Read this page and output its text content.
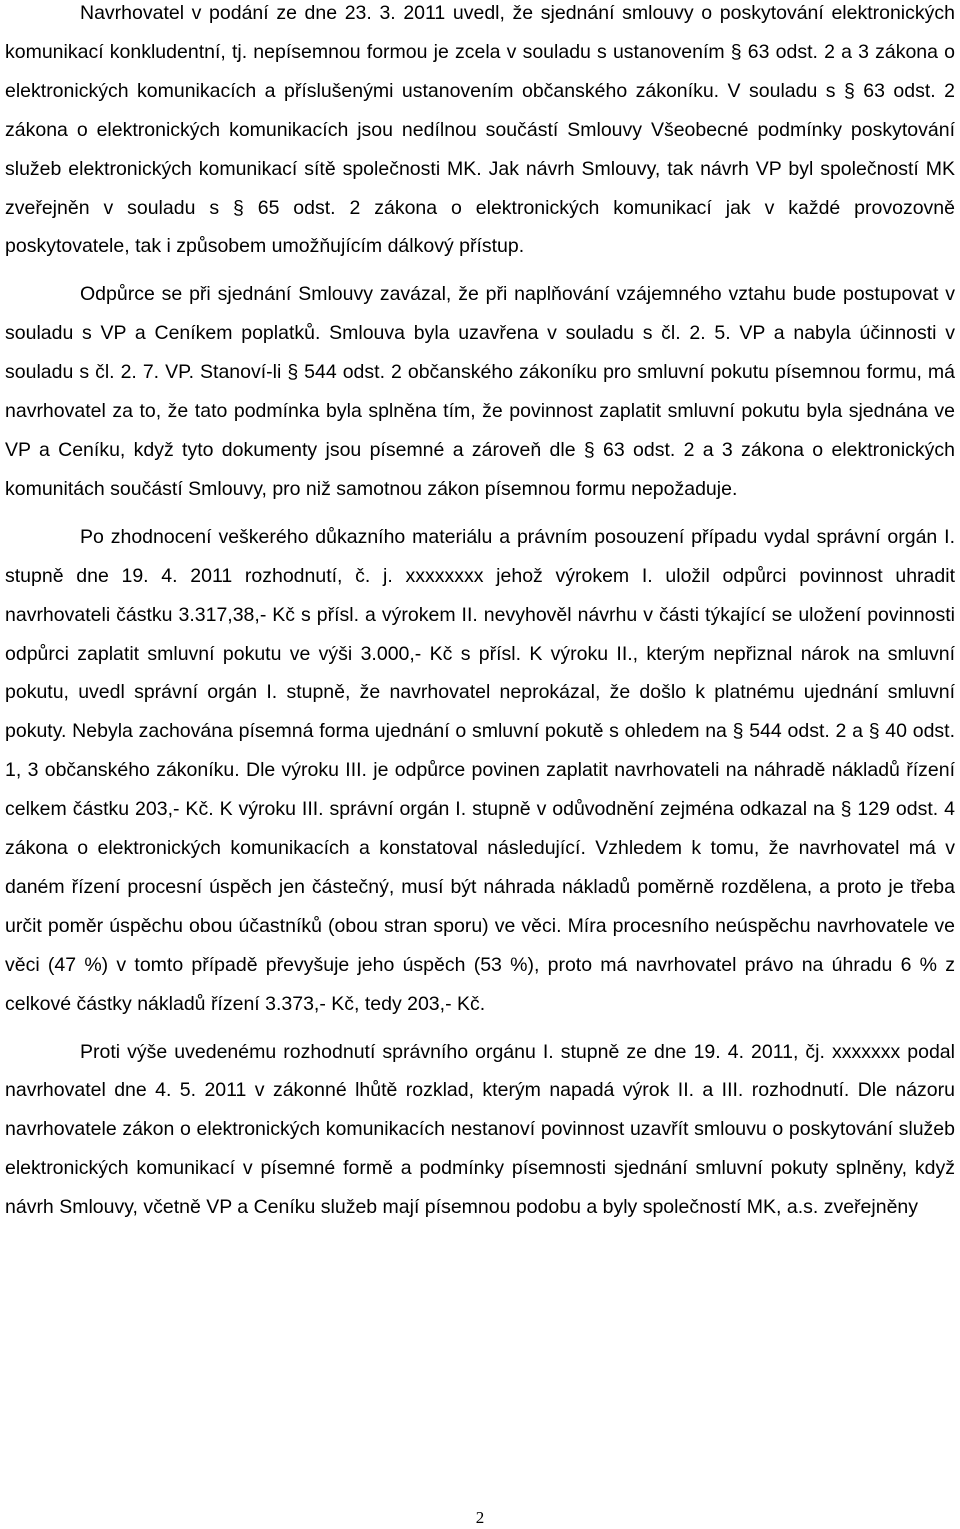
Navrhovatel v podání ze dne 23. 3. 2011 uvedl, že sjednání smlouvy o poskytování elektronických komunikací konkludentní, tj. nepísemnou formou je zcela v souladu s ustanovením § 63 odst. 2 a 3 zákona o elektronických komunikacích a příslušenými ustanovením občanského zákoníku. V souladu s § 63 odst. 2 zákona o elektronických komunikacích jsou nedílnou součástí Smlouvy Všeobecné podmínky poskytování služeb elektronických komunikací sítě společnosti MK. Jak návrh Smlouvy, tak návrh VP byl společností MK zveřejněn v souladu s § 65 odst. 2 zákona o elektronických komunikací jak v každé provozovně poskytovatele, tak i způsobem umožňujícím dálkový přístup.

Odpůrce se při sjednání Smlouvy zavázal, že při naplňování vzájemného vztahu bude postupovat v souladu s VP a Ceníkem poplatků. Smlouva byla uzavřena v souladu s čl. 2. 5. VP a nabyla účinnosti v souladu s čl. 2. 7. VP. Stanoví-li § 544 odst. 2 občanského zákoníku pro smluvní pokutu písemnou formu, má navrhovatel za to, že tato podmínka byla splněna tím, že povinnost zaplatit smluvní pokutu byla sjednána ve VP a Ceníku, když tyto dokumenty jsou písemné a zároveň dle § 63 odst. 2 a 3 zákona o elektronických komunitách součástí Smlouvy, pro niž samotnou zákon písemnou formu nepožaduje.

Po zhodnocení veškerého důkazního materiálu a právním posouzení případu vydal správní orgán I. stupně dne 19. 4. 2011 rozhodnutí, č. j. xxxxxxxx jehož výrokem I. uložil odpůrci povinnost uhradit navrhovateli částku 3.317,38,- Kč s přísl. a výrokem II. nevyhověl návrhu v části týkající se uložení povinnosti odpůrci zaplatit smluvní pokutu ve výši 3.000,- Kč s přísl. K výroku II., kterým nepřiznal nárok na smluvní pokutu, uvedl správní orgán I. stupně, že navrhovatel neprokázal, že došlo k platnému ujednání smluvní pokuty. Nebyla zachována písemná forma ujednání o smluvní pokutě s ohledem na § 544 odst. 2 a § 40 odst. 1, 3 občanského zákoníku. Dle výroku III. je odpůrce povinen zaplatit navrhovateli na náhradě nákladů řízení celkem částku 203,- Kč. K výroku III. správní orgán I. stupně v odůvodnění zejména odkazal na § 129 odst. 4 zákona o elektronických komunikacích a konstatoval následující. Vzhledem k tomu, že navrhovatel má v daném řízení procesní úspěch jen částečný, musí být náhrada nákladů poměrně rozdělena, a proto je třeba určit poměr úspěchu obou účastníků (obou stran sporu) ve věci. Míra procesního neúspěchu navrhovatele ve věci (47 %) v tomto případě převyšuje jeho úspěch (53 %), proto má navrhovatel právo na úhradu 6 % z celkové částky nákladů řízení 3.373,- Kč, tedy 203,- Kč.

Proti výše uvedenému rozhodnutí správního orgánu I. stupně ze dne 19. 4. 2011, čj. xxxxxxx podal navrhovatel dne 4. 5. 2011 v zákonné lhůtě rozklad, kterým napadá výrok II. a III. rozhodnutí. Dle názoru navrhovatele zákon o elektronických komunikacích nestanoví povinnost uzavřít smlouvu o poskytování služeb elektronických komunikací v písemné formě a podmínky písemnosti sjednání smluvní pokuty splněny, když návrh Smlouvy, včetně VP a Ceníku služeb mají písemnou podobu a byly společností MK, a.s. zveřejněny

2
